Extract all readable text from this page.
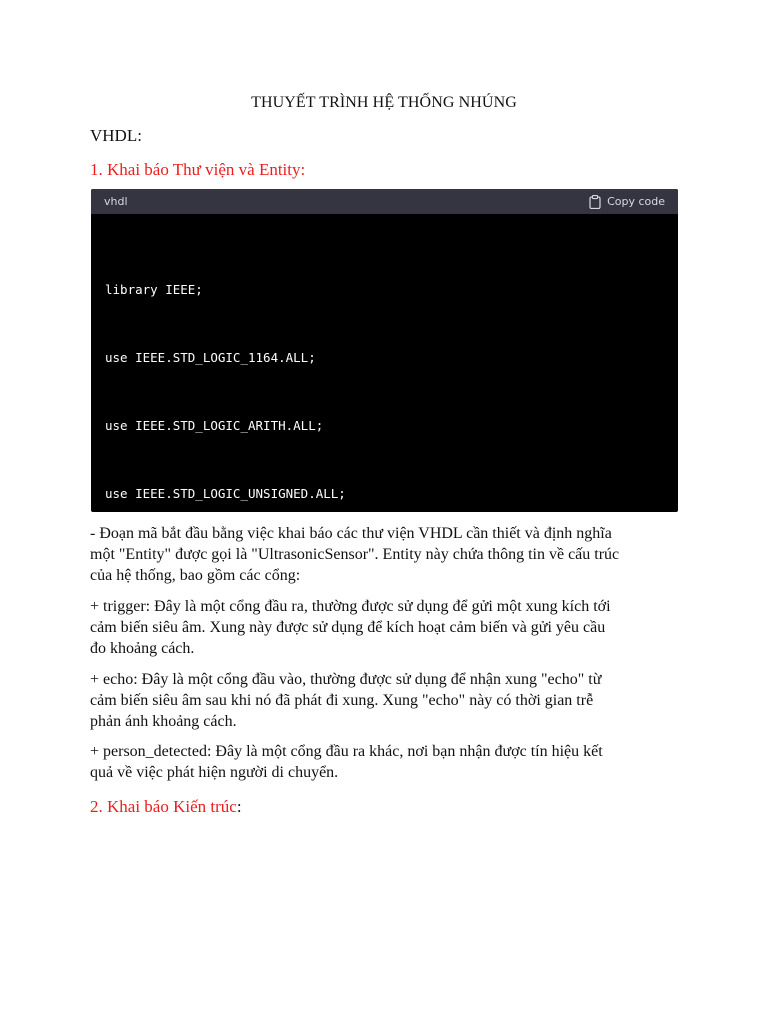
THUYẾT TRÌNH HỆ THỐNG NHÚNG
VHDL:
1. Khai báo Thư viện và Entity:
vhdl	Copy code

library IEEE;

use IEEE.STD_LOGIC_1164.ALL;

use IEEE.STD_LOGIC_ARITH.ALL;

use IEEE.STD_LOGIC_UNSIGNED.ALL;

- Đoạn mã bắt đầu bằng việc khai báo các thư viện VHDL cần thiết và định nghĩa
một "Entity" được gọi là "UltrasonicSensor". Entity này chứa thông tin về cấu trúc
của hệ thống, bao gồm các cổng:
+ trigger: Đây là một cổng đầu ra, thường được sử dụng để gửi một xung kích tới
cảm biến siêu âm. Xung này được sử dụng để kích hoạt cảm biến và gửi yêu cầu
đo khoảng cách.
+ echo: Đây là một cổng đầu vào, thường được sử dụng để nhận xung "echo" từ
cảm biến siêu âm sau khi nó đã phát đi xung. Xung "echo" này có thời gian trễ
phản ánh khoảng cách.
+ person_detected: Đây là một cổng đầu ra khác, nơi bạn nhận được tín hiệu kết
quả về việc phát hiện người di chuyển.
2. Khai báo Kiến trúc:
